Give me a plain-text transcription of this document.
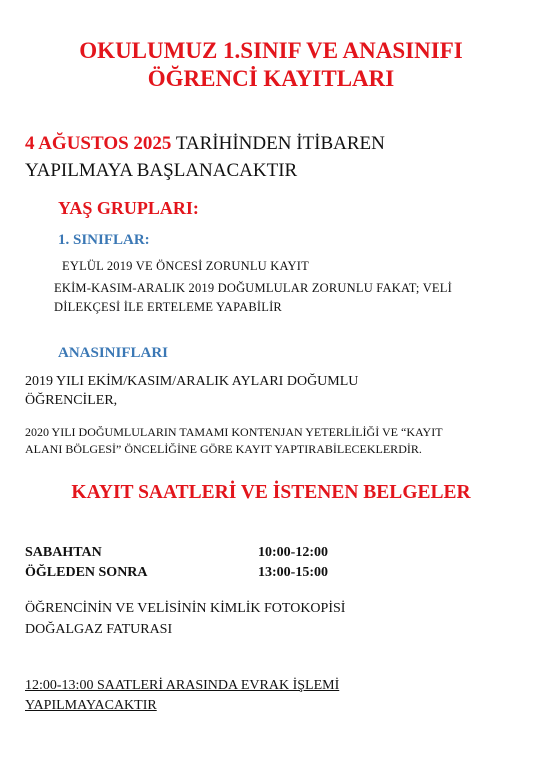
OKULUMUZ 1.SINIF VE ANASINIFI
ÖĞRENCİ KAYITLARI
4 AĞUSTOS 2025 TARİHİNDEN İTİBAREN
YAPILMAYA BAŞLANACAKTIR
YAŞ GRUPLARI:
1. SINIFLAR:
EYLÜL 2019 VE ÖNCESİ ZORUNLU KAYIT
EKİM-KASIM-ARALIK 2019 DOĞUMLULAR ZORUNLU FAKAT; VELİ
DİLEKÇESİ İLE ERTELEME YAPABİLİR
ANASINIFLARI
2019 YILI EKİM/KASIM/ARALIK AYLARI DOĞUMLU
ÖĞRENCİLER,
2020 YILI DOĞUMLULARIN TAMAMI KONTENJAN YETERLİLİĞİ VE “KAYIT
ALANI BÖLGESİ” ÖNCELİĞİNE GÖRE KAYIT YAPTIRABİLECEKLERDİR.
KAYIT SAATLERİ VE İSTENEN BELGELER
SABAHTAN	10:00-12:00
ÖĞLEDEN SONRA	13:00-15:00
ÖĞRENCİNİN VE VELİSİNİN KİMLİK FOTOKOPİSİ
DOĞALGAZ FATURASI
12:00-13:00 SAATLERİ ARASINDA EVRAK İŞLEMİ
YAPILMAYACAKTIR
